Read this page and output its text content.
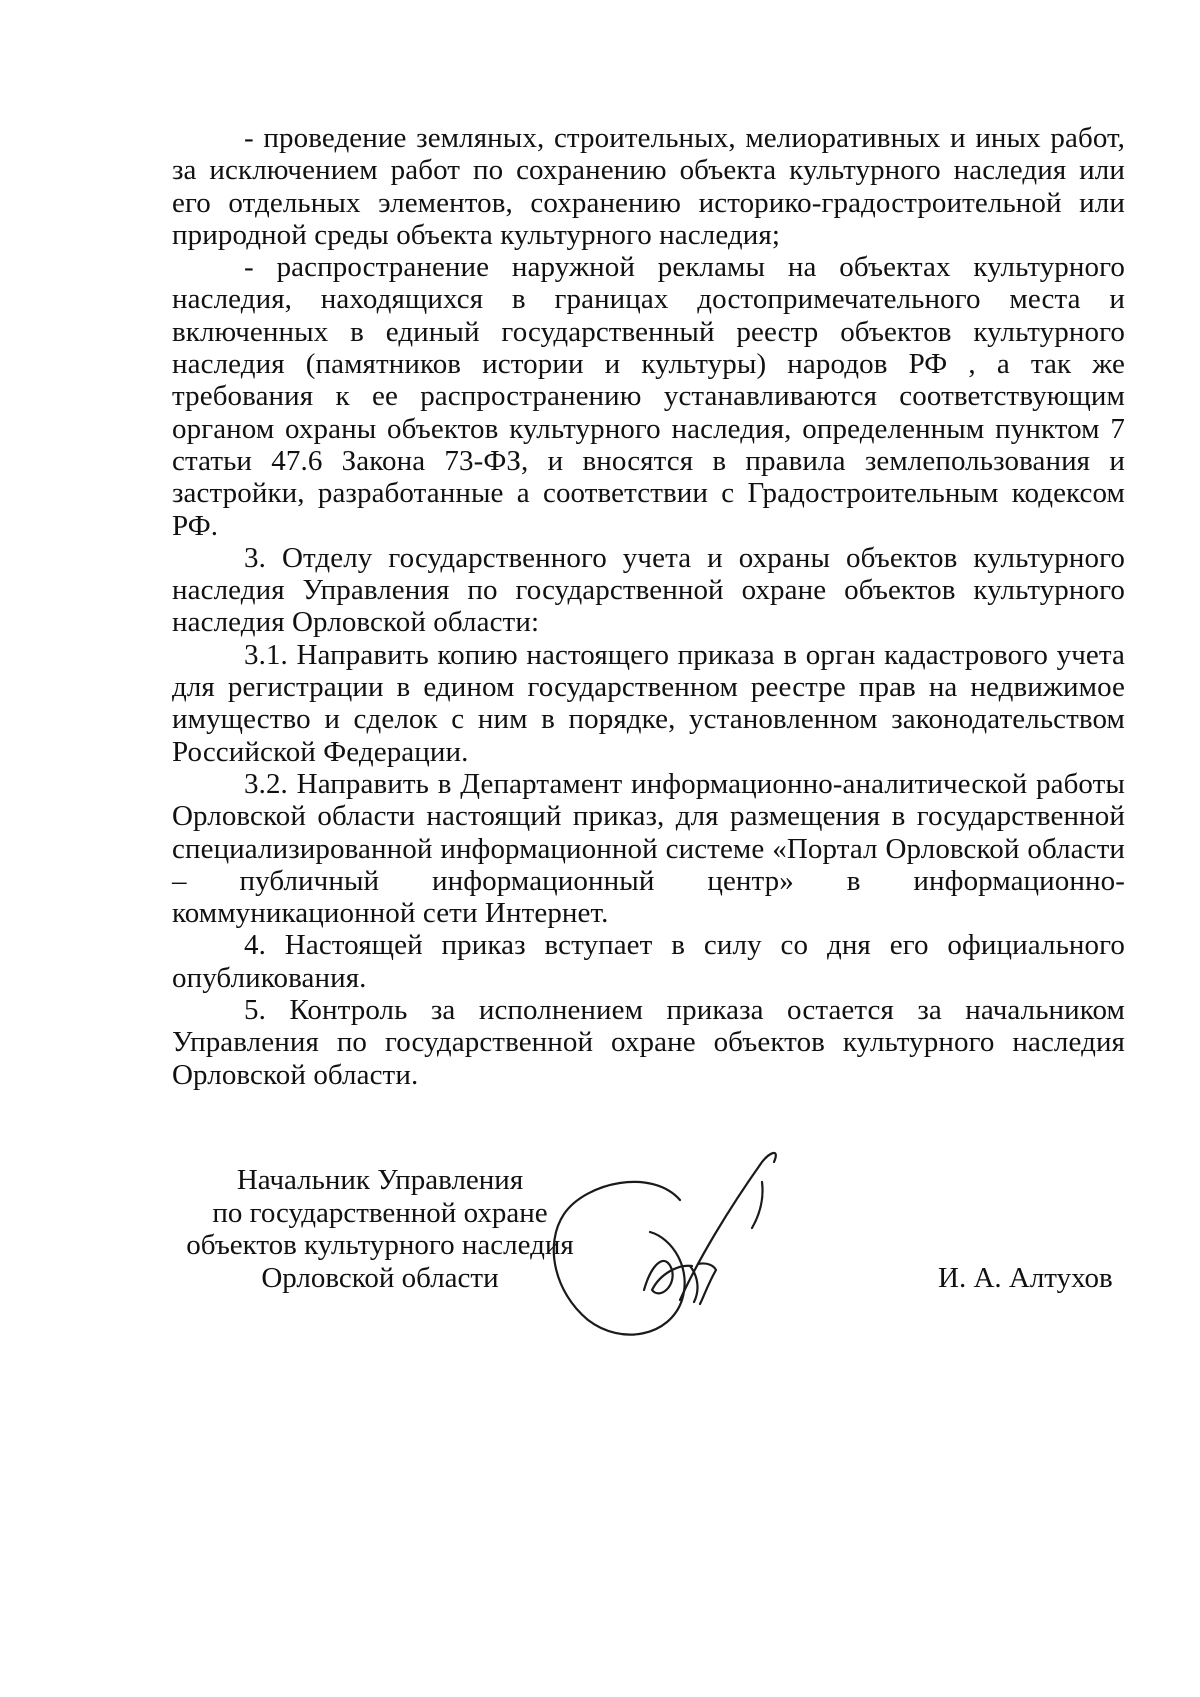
- проведение земляных, строительных, мелиоративных и иных работ, за исключением работ по сохранению объекта культурного наследия или его отдельных элементов, сохранению историко-градостроительной или природной среды объекта культурного наследия;

- распространение наружной рекламы на объектах культурного наследия, находящихся в границах достопримечательного места и включенных в единый государственный реестр объектов культурного наследия (памятников истории и культуры) народов РФ , а так же требования к ее распространению устанавливаются соответствующим органом охраны объектов культурного наследия, определенным пунктом 7 статьи 47.6 Закона 73-ФЗ, и вносятся в правила землепользования и застройки, разработанные а соответствии с Градостроительным кодексом РФ.

3. Отделу государственного учета и охраны объектов культурного наследия Управления по государственной охране объектов культурного наследия Орловской области:

3.1. Направить копию настоящего приказа в орган кадастрового учета для регистрации в едином государственном реестре прав на недвижимое имущество и сделок с ним в порядке, установленном законодательством Российской Федерации.

3.2. Направить в Департамент информационно-аналитической работы Орловской области настоящий приказ, для размещения в государственной специализированной информационной системе «Портал Орловской области – публичный информационный центр» в информационно-коммуникационной сети Интернет.

4. Настоящей приказ вступает в силу со дня его официального опубликования.

5. Контроль за исполнением приказа остается за начальником Управления по государственной охране объектов культурного наследия Орловской области.

Начальник Управления
по государственной охране
объектов культурного наследия
Орловской области	И. А. Алтухов
